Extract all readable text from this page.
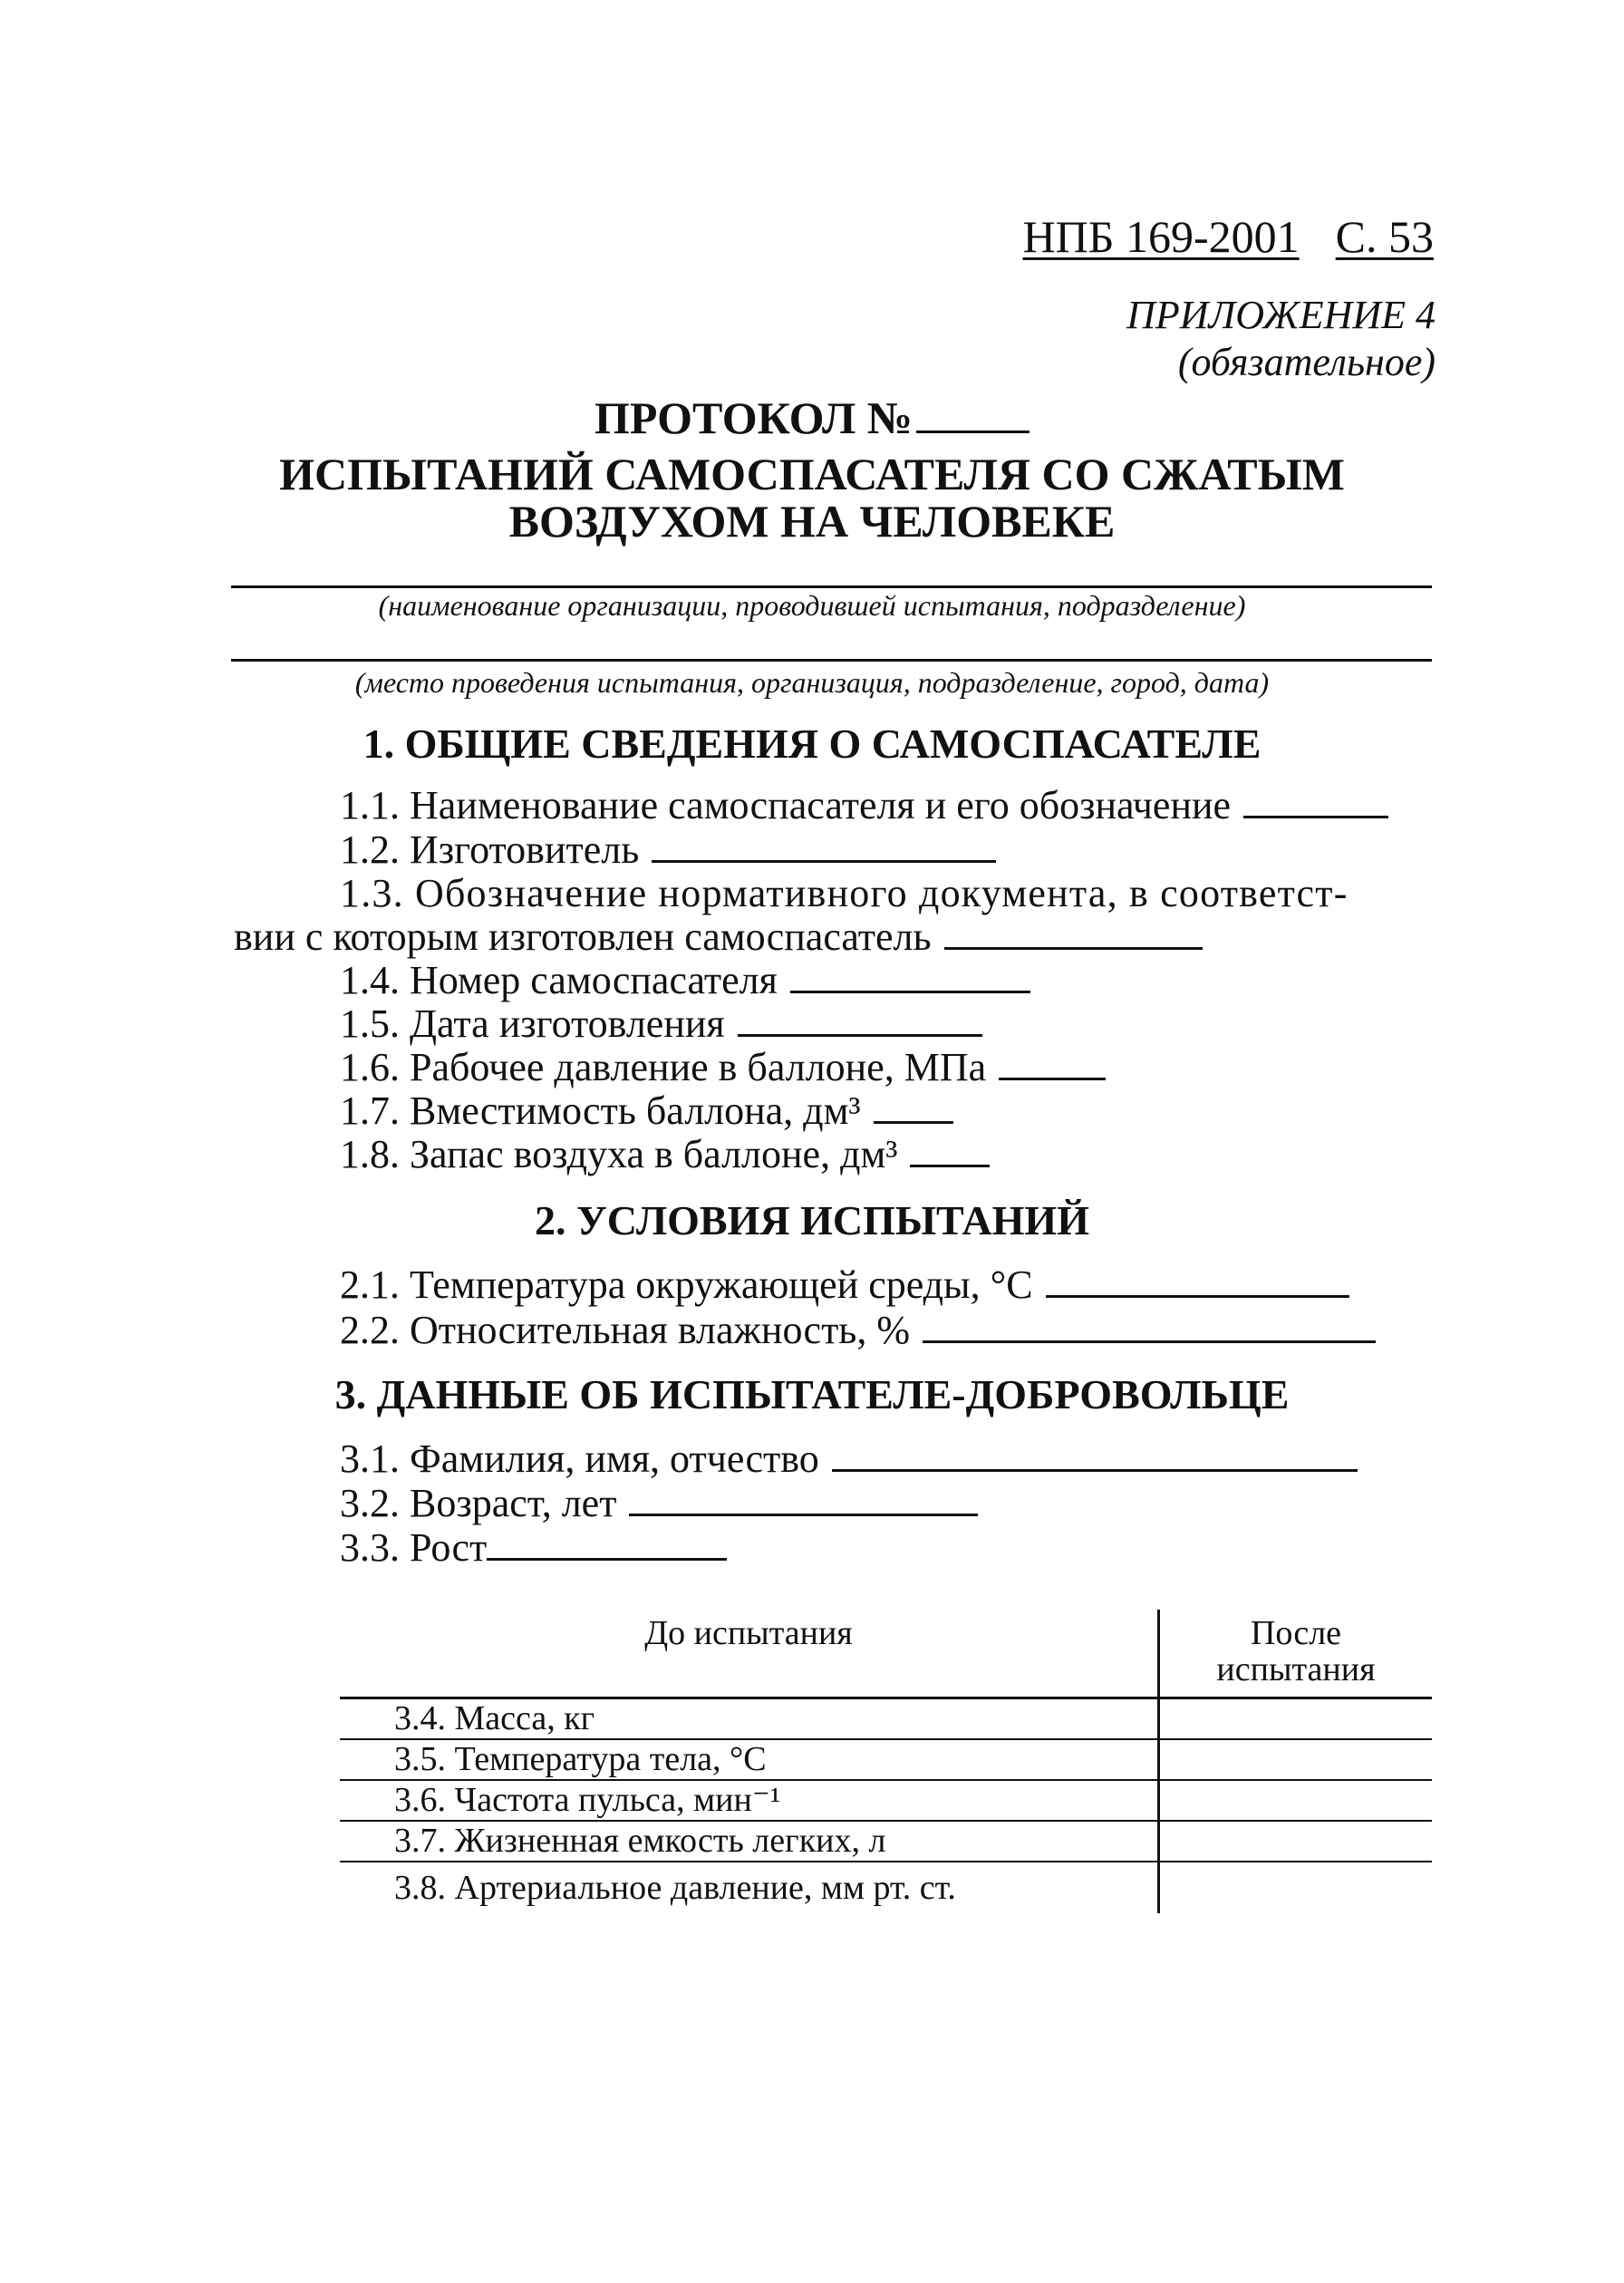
НПБ 169-2001 С. 53
ПРИЛОЖЕНИЕ 4
(обязательное)
ПРОТОКОЛ №
ИСПЫТАНИЙ САМОСПАСАТЕЛЯ СО СЖАТЫМ
ВОЗДУХОМ НА ЧЕЛОВЕКЕ
(наименование организации, проводившей испытания, подразделение)
(место проведения испытания, организация, подразделение, город, дата)
1. ОБЩИЕ СВЕДЕНИЯ О САМОСПАСАТЕЛЕ
1.1. Наименование самоспасателя и его обозначение
1.2. Изготовитель
1.3. Обозначение нормативного документа, в соответст-
вии с которым изготовлен самоспасатель
1.4. Номер самоспасателя
1.5. Дата изготовления
1.6. Рабочее давление в баллоне, МПа
1.7. Вместимость баллона, дм³
1.8. Запас воздуха в баллоне, дм³
2. УСЛОВИЯ ИСПЫТАНИЙ
2.1. Температура окружающей среды, °С
2.2. Относительная влажность, %
3. ДАННЫЕ ОБ ИСПЫТАТЕЛЕ-ДОБРОВОЛЬЦЕ
3.1. Фамилия, имя, отчество
3.2. Возраст, лет
3.3. Рост
До испытания	После
испытания

3.4. Масса, кг	
3.5. Температура тела, °С	
3.6. Частота пульса, мин⁻¹	
3.7. Жизненная емкость легких, л	
3.8. Артериальное давление, мм рт. ст.	
